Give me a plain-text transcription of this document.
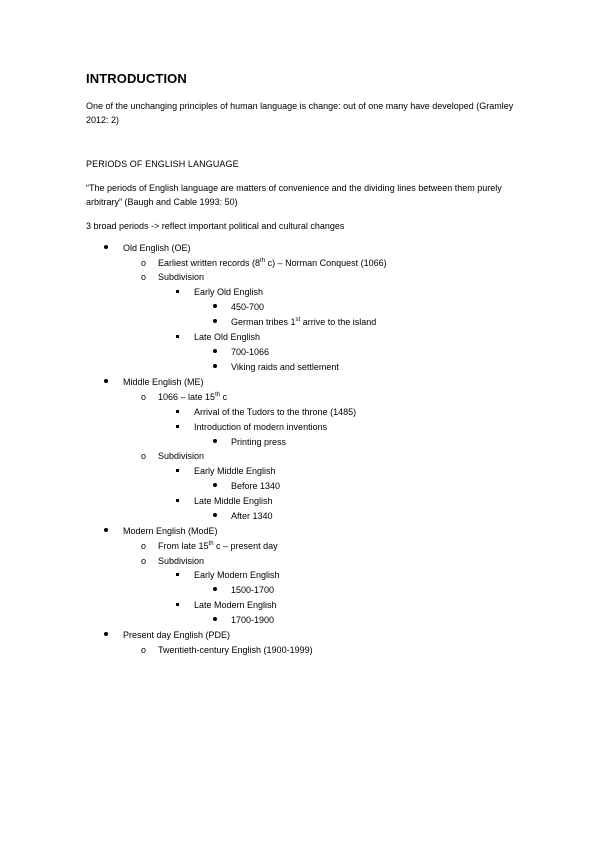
INTRODUCTION
One of the unchanging principles of human language is change: out of one many have developed (Gramley 2012: 2)
PERIODS OF ENGLISH LANGUAGE
“The periods of English language are matters of convenience and the dividing lines between them purely arbitrary” (Baugh and Cable 1993: 50)
3 broad periods -> reflect important political and cultural changes
Old English (OE)
o Earliest written records (8th c) – Norman Conquest (1066)
o Subdivision
Early Old English
450-700
German tribes 1st arrive to the island
Late Old English
700-1066
Viking raids and settlement
Middle English (ME)
o 1066 – late 15th c
Arrival of the Tudors to the throne (1485)
Introduction of modern inventions
Printing press
o Subdivision
Early Middle English
Before 1340
Late Middle English
After 1340
Modern English (ModE)
o From late 15th c – present day
o Subdivision
Early Modern English
1500-1700
Late Modern English
1700-1900
Present day English (PDE)
o Twentieth-century English (1900-1999)
